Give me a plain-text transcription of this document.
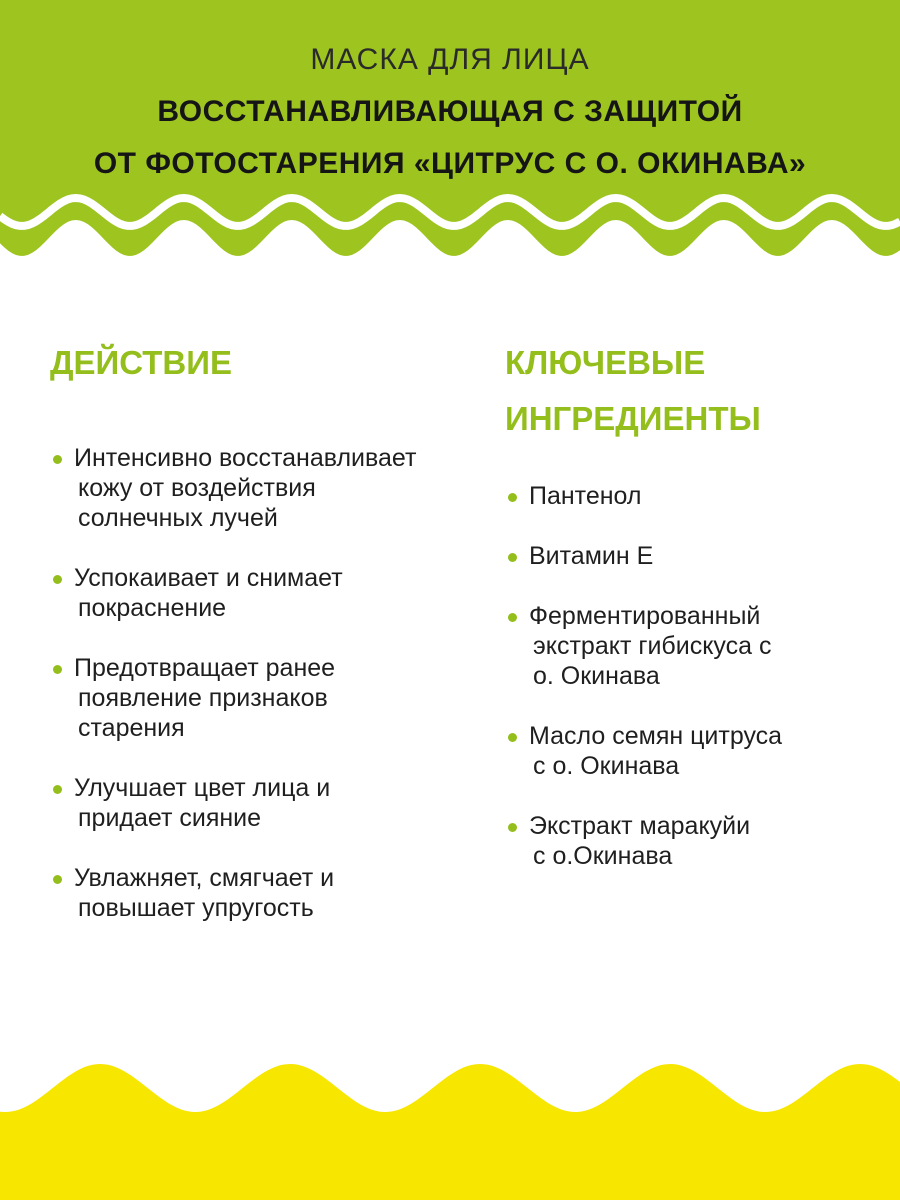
МАСКА ДЛЯ ЛИЦА
ВОССТАНАВЛИВАЮЩАЯ С ЗАЩИТОЙ
ОТ ФОТОСТАРЕНИЯ «ЦИТРУС С О. ОКИНАВА»
ДЕЙСТВИЕ
Интенсивно восстанавливает
кожу от воздействия
солнечных лучей
Успокаивает и снимает
покраснение
Предотвращает ранее
появление признаков
старения
Улучшает цвет лица и
придает сияние
Увлажняет, смягчает и
повышает упругость
КЛЮЧЕВЫЕ
ИНГРЕДИЕНТЫ
Пантенол
Витамин Е
Ферментированный
экстракт гибискуса с
о. Окинава
Масло семян цитруса
с о. Окинава
Экстракт маракуйи
с о.Окинава
